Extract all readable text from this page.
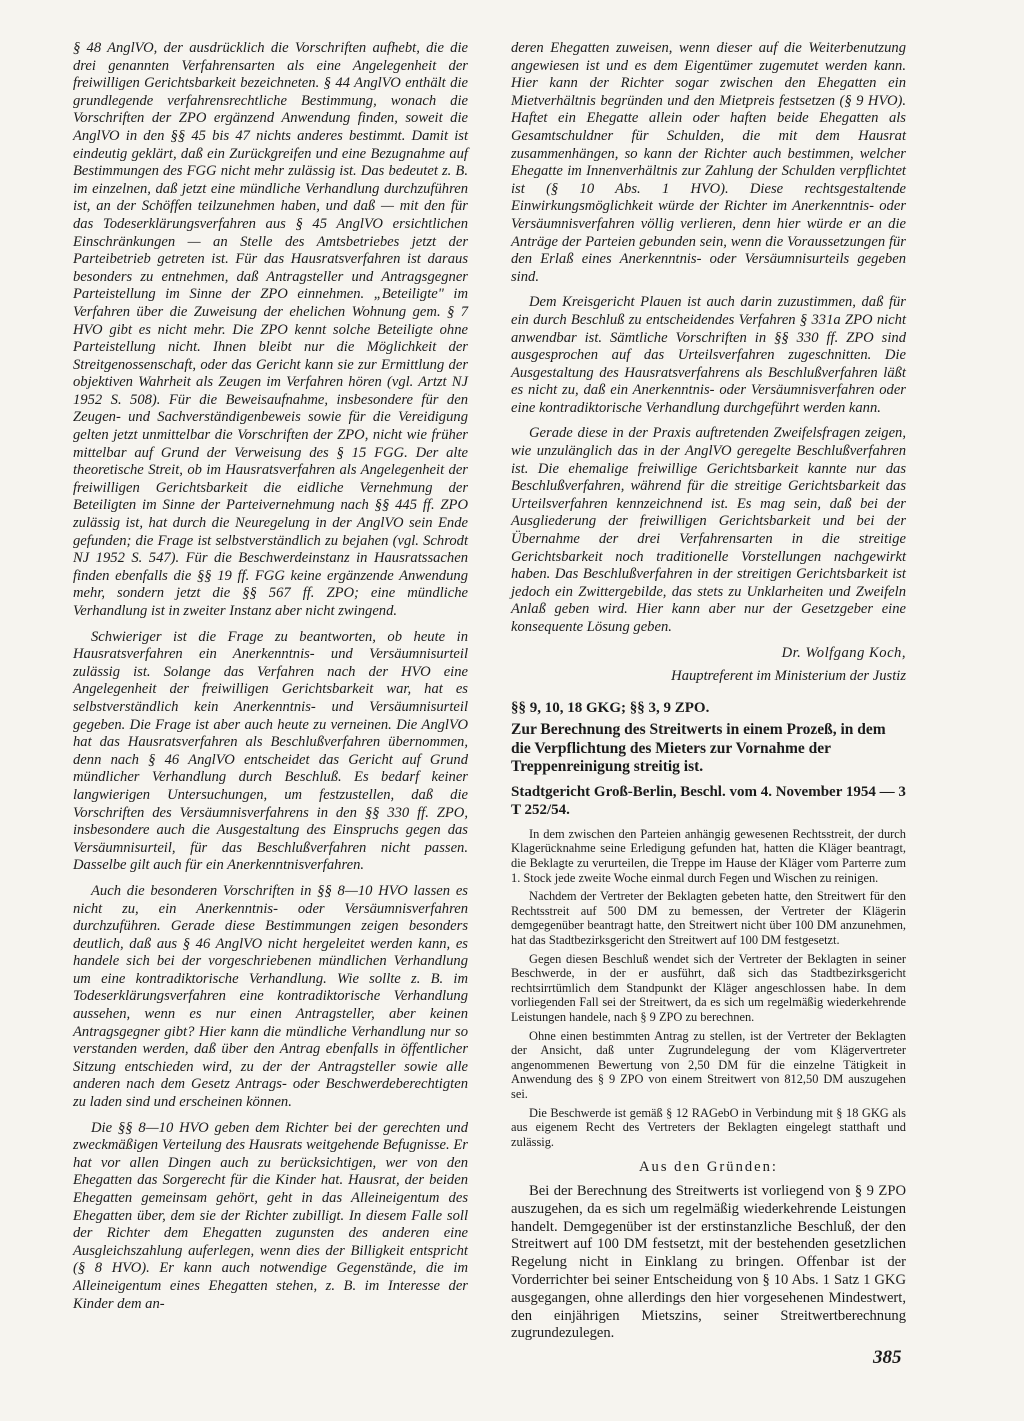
§ 48 AnglVO, der ausdrücklich die Vorschriften aufhebt, die die drei genannten Verfahrensarten als eine Angelegenheit der freiwilligen Gerichtsbarkeit bezeichneten. § 44 AnglVO enthält die grundlegende verfahrensrechtliche Bestimmung, wonach die Vorschriften der ZPO ergänzend Anwendung finden, soweit die AnglVO in den §§ 45 bis 47 nichts anderes bestimmt. Damit ist eindeutig geklärt, daß ein Zurückgreifen und eine Bezugnahme auf Bestimmungen des FGG nicht mehr zulässig ist. Das bedeutet z. B. im einzelnen, daß jetzt eine mündliche Verhandlung durchzuführen ist, an der Schöffen teilzunehmen haben, und daß — mit den für das Todeserklärungsverfahren aus § 45 AnglVO ersichtlichen Einschränkungen — an Stelle des Amtsbetriebes jetzt der Parteibetrieb getreten ist. Für das Hausratsverfahren ist daraus besonders zu entnehmen, daß Antragsteller und Antragsgegner Parteistellung im Sinne der ZPO einnehmen. „Beteiligte" im Verfahren über die Zuweisung der ehelichen Wohnung gem. § 7 HVO gibt es nicht mehr. Die ZPO kennt solche Beteiligte ohne Parteistellung nicht. Ihnen bleibt nur die Möglichkeit der Streitgenossenschaft, oder das Gericht kann sie zur Ermittlung der objektiven Wahrheit als Zeugen im Verfahren hören (vgl. Artzt NJ 1952 S. 508). Für die Beweisaufnahme, insbesondere für den Zeugen- und Sachverständigenbeweis sowie für die Vereidigung gelten jetzt unmittelbar die Vorschriften der ZPO, nicht wie früher mittelbar auf Grund der Verweisung des § 15 FGG. Der alte theoretische Streit, ob im Hausratsverfahren als Angelegenheit der freiwilligen Gerichtsbarkeit die eidliche Vernehmung der Beteiligten im Sinne der Parteivernehmung nach §§ 445 ff. ZPO zulässig ist, hat durch die Neuregelung in der AnglVO sein Ende gefunden; die Frage ist selbstverständlich zu bejahen (vgl. Schrodt NJ 1952 S. 547). Für die Beschwerdeinstanz in Hausratssachen finden ebenfalls die §§ 19 ff. FGG keine ergänzende Anwendung mehr, sondern jetzt die §§ 567 ff. ZPO; eine mündliche Verhandlung ist in zweiter Instanz aber nicht zwingend.

Schwieriger ist die Frage zu beantworten, ob heute in Hausratsverfahren ein Anerkenntnis- und Versäumnisurteil zulässig ist. Solange das Verfahren nach der HVO eine Angelegenheit der freiwilligen Gerichtsbarkeit war, hat es selbstverständlich kein Anerkenntnis- und Versäumnisurteil gegeben. Die Frage ist aber auch heute zu verneinen. Die AnglVO hat das Hausratsverfahren als Beschlußverfahren übernommen, denn nach § 46 AnglVO entscheidet das Gericht auf Grund mündlicher Verhandlung durch Beschluß. Es bedarf keiner langwierigen Untersuchungen, um festzustellen, daß die Vorschriften des Versäumnisverfahrens in den §§ 330 ff. ZPO, insbesondere auch die Ausgestaltung des Einspruchs gegen das Versäumnisurteil, für das Beschlußverfahren nicht passen. Dasselbe gilt auch für ein Anerkenntnisverfahren.

Auch die besonderen Vorschriften in §§ 8—10 HVO lassen es nicht zu, ein Anerkenntnis- oder Versäumnisverfahren durchzuführen. Gerade diese Bestimmungen zeigen besonders deutlich, daß aus § 46 AnglVO nicht hergeleitet werden kann, es handele sich bei der vorgeschriebenen mündlichen Verhandlung um eine kontradiktorische Verhandlung. Wie sollte z. B. im Todeserklärungsverfahren eine kontradiktorische Verhandlung aussehen, wenn es nur einen Antragsteller, aber keinen Antragsgegner gibt? Hier kann die mündliche Verhandlung nur so verstanden werden, daß über den Antrag ebenfalls in öffentlicher Sitzung entschieden wird, zu der der Antragsteller sowie alle anderen nach dem Gesetz Antrags- oder Beschwerdeberechtigten zu laden sind und erscheinen können.

Die §§ 8—10 HVO geben dem Richter bei der gerechten und zweckmäßigen Verteilung des Hausrats weitgehende Befugnisse. Er hat vor allen Dingen auch zu berücksichtigen, wer von den Ehegatten das Sorgerecht für die Kinder hat. Hausrat, der beiden Ehegatten gemeinsam gehört, geht in das Alleineigentum des Ehegatten über, dem sie der Richter zubilligt. In diesem Falle soll der Richter dem Ehegatten zugunsten des anderen eine Ausgleichszahlung auferlegen, wenn dies der Billigkeit entspricht (§ 8 HVO). Er kann auch notwendige Gegenstände, die im Alleineigentum eines Ehegatten stehen, z. B. im Interesse der Kinder dem an-

deren Ehegatten zuweisen, wenn dieser auf die Weiterbenutzung angewiesen ist und es dem Eigentümer zugemutet werden kann. Hier kann der Richter sogar zwischen den Ehegatten ein Mietverhältnis begründen und den Mietpreis festsetzen (§ 9 HVO). Haftet ein Ehegatte allein oder haften beide Ehegatten als Gesamtschuldner für Schulden, die mit dem Hausrat zusammenhängen, so kann der Richter auch bestimmen, welcher Ehegatte im Innenverhältnis zur Zahlung der Schulden verpflichtet ist (§ 10 Abs. 1 HVO). Diese rechtsgestaltende Einwirkungsmöglichkeit würde der Richter im Anerkenntnis- oder Versäumnisverfahren völlig verlieren, denn hier würde er an die Anträge der Parteien gebunden sein, wenn die Voraussetzungen für den Erlaß eines Anerkenntnis- oder Versäumnisurteils gegeben sind.

Dem Kreisgericht Plauen ist auch darin zuzustimmen, daß für ein durch Beschluß zu entscheidendes Verfahren § 331a ZPO nicht anwendbar ist. Sämtliche Vorschriften in §§ 330 ff. ZPO sind ausgesprochen auf das Urteilsverfahren zugeschnitten. Die Ausgestaltung des Hausratsverfahrens als Beschlußverfahren läßt es nicht zu, daß ein Anerkenntnis- oder Versäumnisverfahren oder eine kontradiktorische Verhandlung durchgeführt werden kann.

Gerade diese in der Praxis auftretenden Zweifelsfragen zeigen, wie unzulänglich das in der AnglVO geregelte Beschlußverfahren ist. Die ehemalige freiwillige Gerichtsbarkeit kannte nur das Beschlußverfahren, während für die streitige Gerichtsbarkeit das Urteilsverfahren kennzeichnend ist. Es mag sein, daß bei der Ausgliederung der freiwilligen Gerichtsbarkeit und bei der Übernahme der drei Verfahrensarten in die streitige Gerichtsbarkeit noch traditionelle Vorstellungen nachgewirkt haben. Das Beschlußverfahren in der streitigen Gerichtsbarkeit ist jedoch ein Zwittergebilde, das stets zu Unklarheiten und Zweifeln Anlaß geben wird. Hier kann aber nur der Gesetzgeber eine konsequente Lösung geben.

Dr. Wolfgang Koch,

Hauptreferent im Ministerium der Justiz

§§ 9, 10, 18 GKG; §§ 3, 9 ZPO.

Zur Berechnung des Streitwerts in einem Prozeß, in dem die Verpflichtung des Mieters zur Vornahme der Treppenreinigung streitig ist.

Stadtgericht Groß-Berlin, Beschl. vom 4. November 1954 — 3 T 252/54.

In dem zwischen den Parteien anhängig gewesenen Rechtsstreit, der durch Klagerücknahme seine Erledigung gefunden hat, hatten die Kläger beantragt, die Beklagte zu verurteilen, die Treppe im Hause der Kläger vom Parterre zum 1. Stock jede zweite Woche einmal durch Fegen und Wischen zu reinigen.

Nachdem der Vertreter der Beklagten gebeten hatte, den Streitwert für den Rechtsstreit auf 500 DM zu bemessen, der Vertreter der Klägerin demgegenüber beantragt hatte, den Streitwert nicht über 100 DM anzunehmen, hat das Stadtbezirksgericht den Streitwert auf 100 DM festgesetzt.

Gegen diesen Beschluß wendet sich der Vertreter der Beklagten in seiner Beschwerde, in der er ausführt, daß sich das Stadtbezirksgericht rechtsirrtümlich dem Standpunkt der Kläger angeschlossen habe. In dem vorliegenden Fall sei der Streitwert, da es sich um regelmäßig wiederkehrende Leistungen handele, nach § 9 ZPO zu berechnen.

Ohne einen bestimmten Antrag zu stellen, ist der Vertreter der Beklagten der Ansicht, daß unter Zugrundelegung der vom Klägervertreter angenommenen Bewertung von 2,50 DM für die einzelne Tätigkeit in Anwendung des § 9 ZPO von einem Streitwert von 812,50 DM auszugehen sei.

Die Beschwerde ist gemäß § 12 RAGebO in Verbindung mit § 18 GKG als aus eigenem Recht des Vertreters der Beklagten eingelegt statthaft und zulässig.

Aus den Gründen:

Bei der Berechnung des Streitwerts ist vorliegend von § 9 ZPO auszugehen, da es sich um regelmäßig wiederkehrende Leistungen handelt. Demgegenüber ist der erstinstanzliche Beschluß, der den Streitwert auf 100 DM festsetzt, mit der bestehenden gesetzlichen Regelung nicht in Einklang zu bringen. Offenbar ist der Vorderrichter bei seiner Entscheidung von § 10 Abs. 1 Satz 1 GKG ausgegangen, ohne allerdings den hier vorgesehenen Mindestwert, den einjährigen Mietszins, seiner Streitwertberechnung zugrundezulegen.

385
